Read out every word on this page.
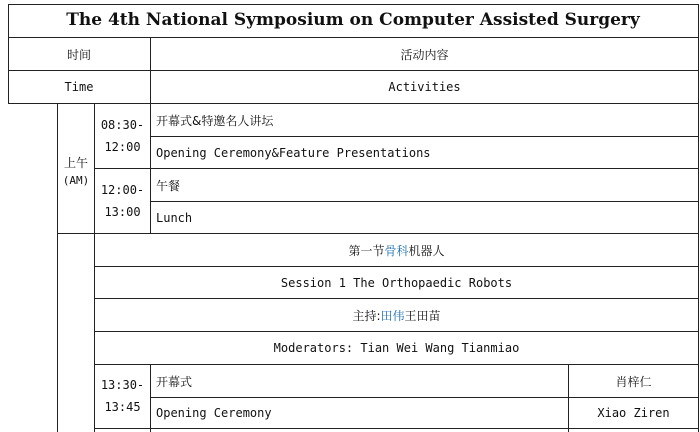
The 4th National Symposium on Computer Assisted Surgery
时间	活动内容
Time	Activities
上午
(AM)
08:30-
12:00
开幕式&特邀名人讲坛
Opening Ceremony&Feature Presentations
12:00-
13:00
午餐
Lunch
第一节 骨科 机器人
Session 1 The Orthopaedic Robots
主持: 田伟 王田苗
Moderators: Tian Wei Wang Tianmiao
13:30-
13:45
开幕式
Opening Ceremony
肖梓仁
Xiao Ziren
